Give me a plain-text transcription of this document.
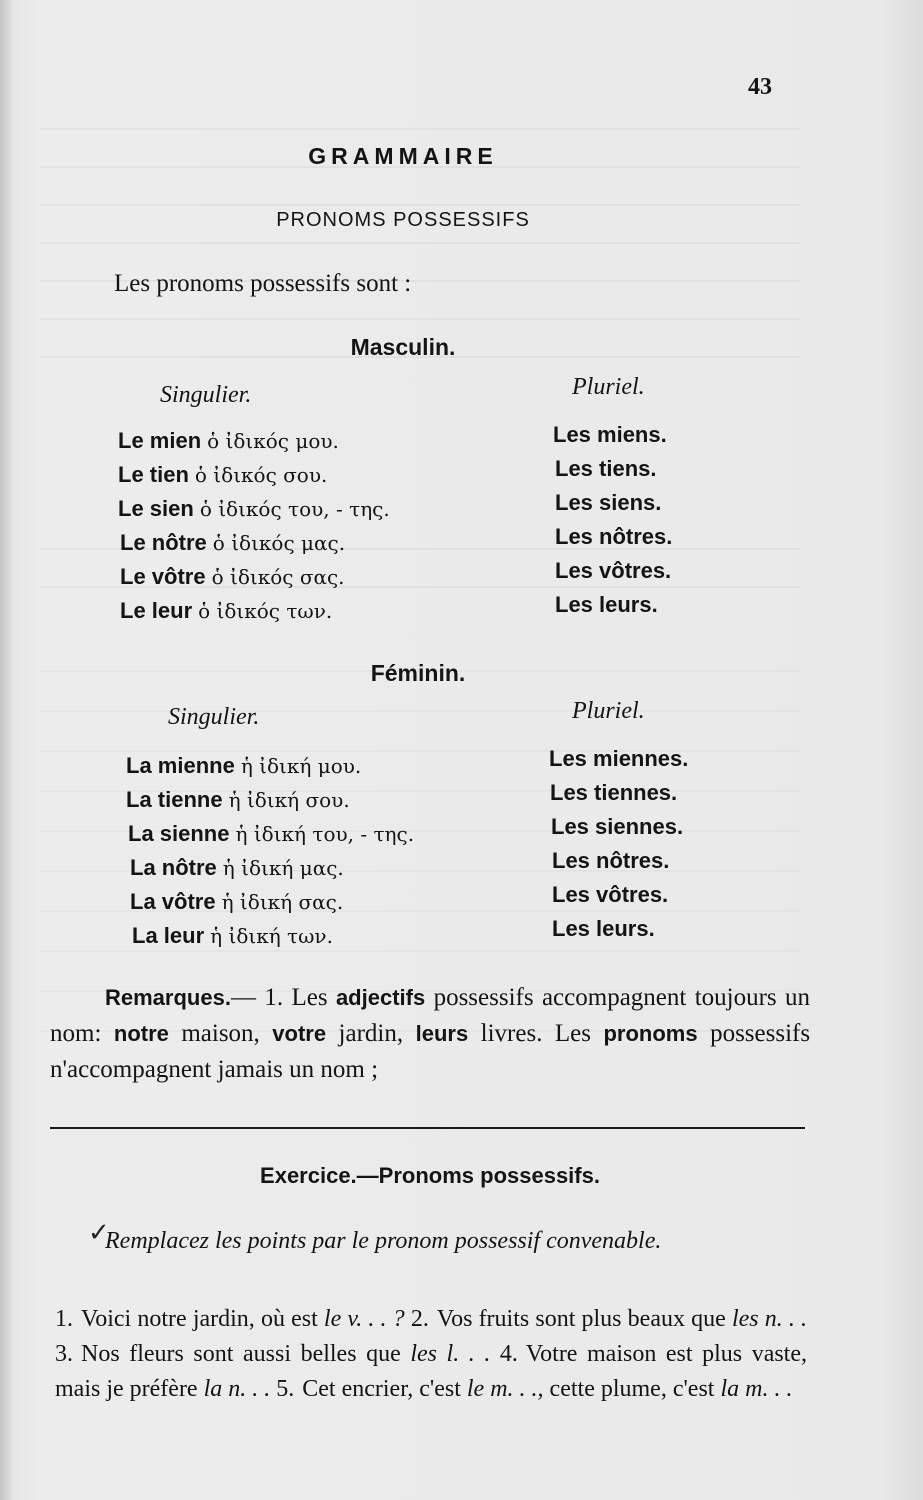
43
GRAMMAIRE
PRONOMS POSSESSIFS
Les pronoms possessifs sont :
Masculin.
Singulier.	Pluriel.
Le mien ὁ ἰδικός μου.
Le tien ὁ ἰδικός σου.
Le sien ὁ ἰδικός του, - της.
Le nôtre ὁ ἰδικός μας.
Le vôtre ὁ ἰδικός σας.
Le leur ὁ ἰδικός των.
Les miens.
Les tiens.
Les siens.
Les nôtres.
Les vôtres.
Les leurs.
Féminin.
Singulier.	Pluriel.
La mienne ἡ ἰδική μου.
La tienne ἡ ἰδική σου.
La sienne ἡ ἰδική του, - της.
La nôtre ἡ ἰδική μας.
La vôtre ἡ ἰδική σας.
La leur ἡ ἰδική των.
Les miennes.
Les tiennes.
Les siennes.
Les nôtres.
Les vôtres.
Les leurs.
Remarques.— 1. Les adjectifs possessifs accompagnent toujours un nom: notre maison, votre jardin, leurs livres. Les pronoms possessifs n'accompagnent jamais un nom ;
Exercice.—Pronoms possessifs.
✓
Remplacez les points par le pronom possessif convenable.
1. Voici notre jardin, où est le v. . . ? 2. Vos fruits sont plus beaux que les n. . . 3. Nos fleurs sont aussi belles que les l. . . 4. Votre maison est plus vaste, mais je préfère la n. . . 5. Cet encrier, c'est le m. . ., cette plume, c'est la m. . .
